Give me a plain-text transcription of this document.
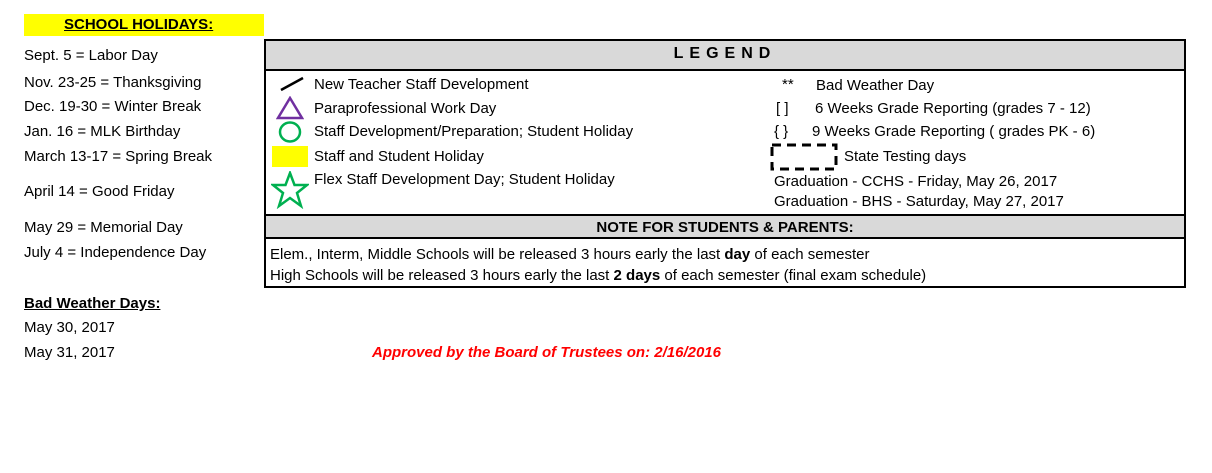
SCHOOL HOLIDAYS:
Sept. 5 = Labor Day
Nov. 23-25 = Thanksgiving
Dec. 19-30 = Winter Break
Jan. 16 = MLK Birthday
March 13-17 = Spring Break
April 14 = Good Friday
May 29 = Memorial Day
July 4 = Independence Day
Bad Weather Days:
May 30, 2017
May 31, 2017
LEGEND
New Teacher Staff Development
Paraprofessional Work Day
Staff Development/Preparation; Student Holiday
Staff and Student Holiday
Flex Staff Development Day; Student Holiday
** Bad Weather Day
[ ] 6 Weeks Grade Reporting (grades 7 - 12)
{ } 9 Weeks Grade Reporting ( grades PK - 6)
State Testing days
Graduation - CCHS - Friday, May 26, 2017
Graduation - BHS - Saturday, May 27, 2017
NOTE FOR STUDENTS & PARENTS:
Elem., Interm, Middle Schools will be released 3 hours early the last day of each semester
High Schools will be released 3 hours early the last 2 days of each semester (final exam schedule)
Approved by the Board of Trustees on: 2/16/2016
